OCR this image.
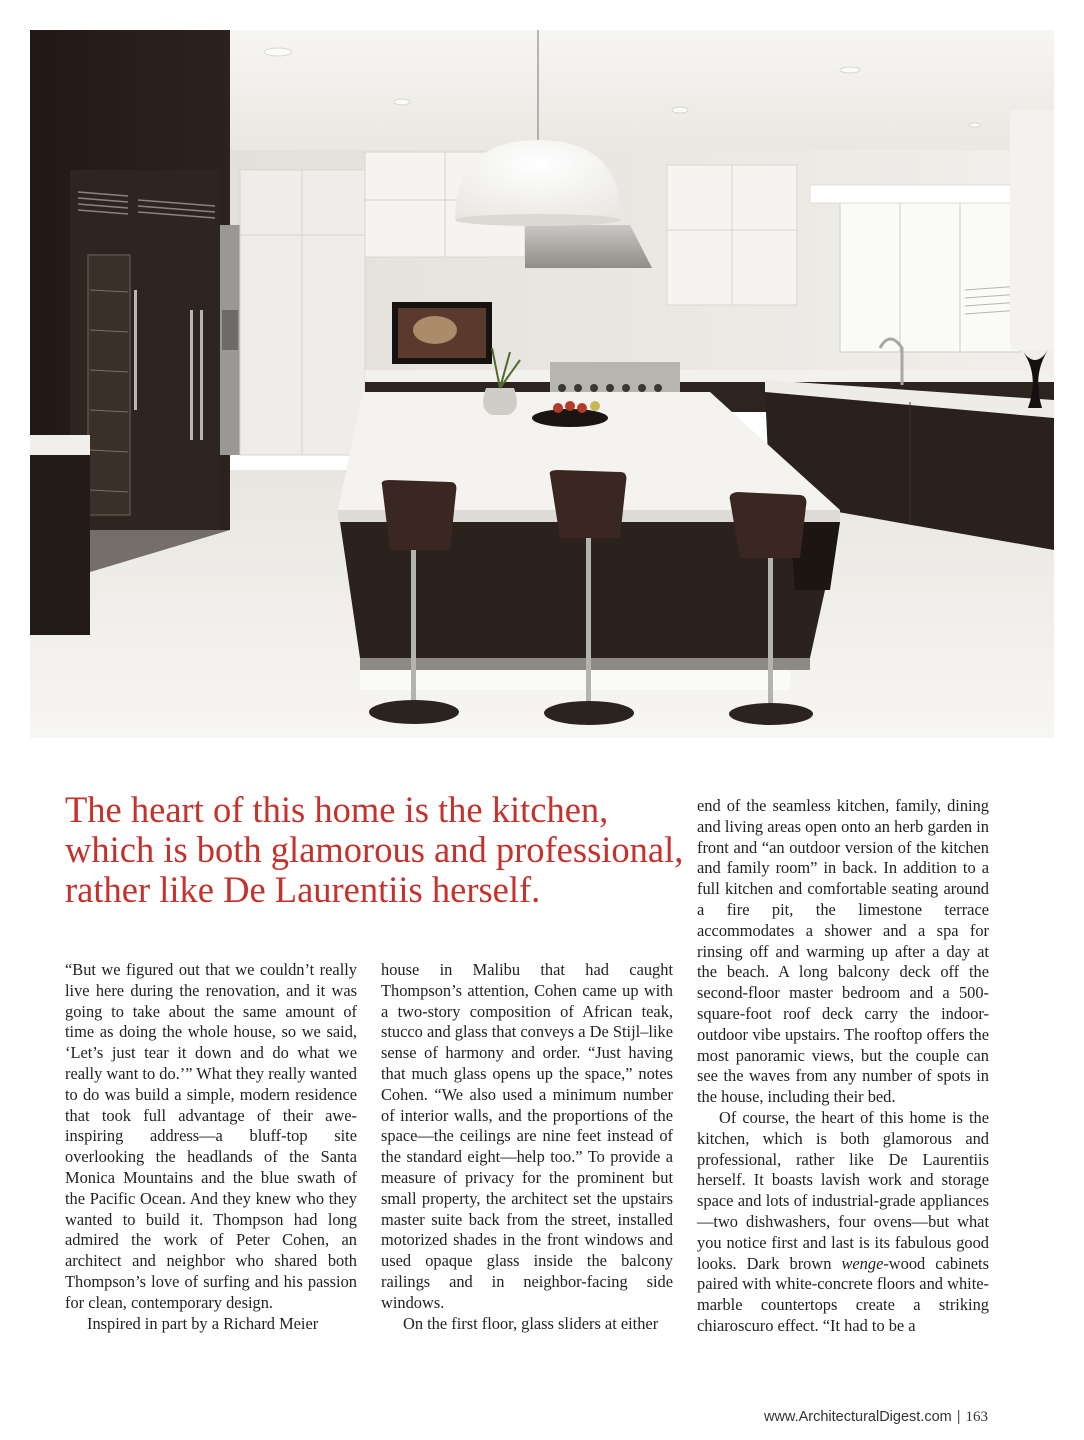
The heart of this home is the kitchen, which is both glamorous and professional, rather like De Laurentiis herself.

“But we figured out that we couldn’t really live here during the renovation, and it was going to take about the same amount of time as doing the whole house, so we said, ‘Let’s just tear it down and do what we really want to do.’” What they really wanted to do was build a simple, modern residence that took full advantage of their awe-inspiring address—a bluff-top site overlooking the headlands of the Santa Monica Mountains and the blue swath of the Pacific Ocean. And they knew who they wanted to build it. Thompson had long admired the work of Peter Cohen, an architect and neighbor who shared both Thompson’s love of surfing and his passion for clean, contemporary design.

Inspired in part by a Richard Meier

house in Malibu that had caught Thompson’s attention, Cohen came up with a two-story composition of African teak, stucco and glass that conveys a De Stijl–like sense of harmony and order. “Just having that much glass opens up the space,” notes Cohen. “We also used a minimum number of interior walls, and the proportions of the space—the ceilings are nine feet instead of the standard eight—help too.” To provide a measure of privacy for the prominent but small property, the architect set the upstairs master suite back from the street, installed motorized shades in the front windows and used opaque glass inside the balcony railings and in neighbor-facing side windows.

On the first floor, glass sliders at either

end of the seamless kitchen, family, dining and living areas open onto an herb garden in front and “an outdoor version of the kitchen and family room” in back. In addition to a full kitchen and comfortable seating around a fire pit, the limestone terrace accommodates a shower and a spa for rinsing off and warming up after a day at the beach. A long balcony deck off the second-floor master bedroom and a 500-square-foot roof deck carry the indoor-outdoor vibe upstairs. The rooftop offers the most panoramic views, but the couple can see the waves from any number of spots in the house, including their bed.

Of course, the heart of this home is the kitchen, which is both glamorous and professional, rather like De Laurentiis herself. It boasts lavish work and storage space and lots of industrial-grade appliances—two dishwashers, four ovens—but what you notice first and last is its fabulous good looks. Dark brown wenge-wood cabinets paired with white-concrete floors and white-marble countertops create a striking chiaroscuro effect. “It had to be a

www.ArchitecturalDigest.com | 163
